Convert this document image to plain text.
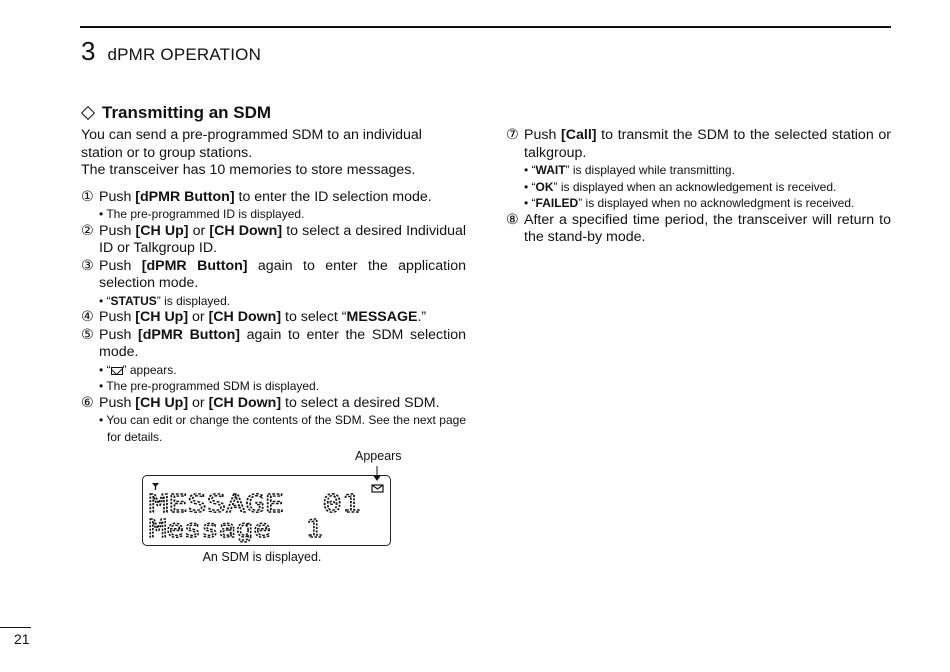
3 dPMR OPERATION
Transmitting an SDM

You can send a pre-programmed SDM to an individual station or to group stations.

The transceiver has 10 memories to store messages.

① Push [dPMR Button] to enter the ID selection mode.

• The pre-programmed ID is displayed.

② Push [CH Up] or [CH Down] to select a desired Individual ID or Talkgroup ID.
③ Push [dPMR Button] again to enter the application selection mode.

• “STATUS” is displayed.

④ Push [CH Up] or [CH Down] to select “MESSAGE.”
⑤ Push [dPMR Button] again to enter the SDM selection mode.

• “ ” appears.

• The pre-programmed SDM is displayed.

⑥ Push [CH Up] or [CH Down] to select a desired SDM.

• You can edit or change the contents of the SDM. See the next page for details.

⑦ Push [Call] to transmit the SDM to the selected station or talkgroup.

• “WAIT” is displayed while transmitting.

• “OK” is displayed when an acknowledgement is received.

• “FAILED” is displayed when no acknowledgment is received.

⑧ After a specified time period, the transceiver will return to the stand-by mode.
Appears
MESSAGE  01
Message  1
An SDM is displayed.
21
